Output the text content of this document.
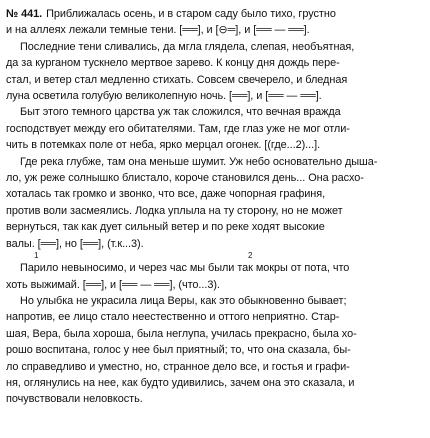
№ 441. Приближалась осень, и в старом саду было тихо, грустно
и на аллеях лежали темные тени. [══], и [⊖═], и [══ — ══].
Последние тени сливались, да мгла глядела, слепая, необъятная,
да за курганом тускнело мертвое зарево. К концу дня дождь пере-
стал, и ветер стал медленно стихать. Совсем свечерело, и бледная
луна осветила голубую великолепную ночь. [══], и [══ — ══].
Быт этого темного царства уж так сложился, что вечная вражда
господствует между его обитателями. Там, где глаз уже не мог отли-
чить в потемках поле от неба, ярко мерцал огонек. [(где...2)...].
Где река глубже, там она меньше шумит. Уж небо основательно дыша-
ло, уж реже солнышко блистало, короче становился день... Она расхо-
хоталась так громко и звонко, что все, даже чопорная графиня,
против воли засмеялись. Лодка уплыла на ту сторону, но не может
вернуться, так как дует сильный ветер и по реке ходят высокие
валы. [══], но [══], (т.к...3).
1	2
Парило невыносимо, и через час мы были так мокры от пота, что
хоть выжимай. [══], и [══ — ══], (что...3).
Но улыбка не украсила лица Веры, как это обыкновенно бывает;
напротив, ее лицо стало неестественно и оттого неприятно. Стар-
шая, Вера, была хороша, была неглупа, училась прекрасно, была хо-
рошо воспитана, голос у нее был приятный; то, что она сказала, бы-
ло справедливо и уместно, но, странное дело все, и гостья и графи-
ня, оглянулись на нее, как будто удивились, зачем она это сказала, и
почувствовали неловкость.
